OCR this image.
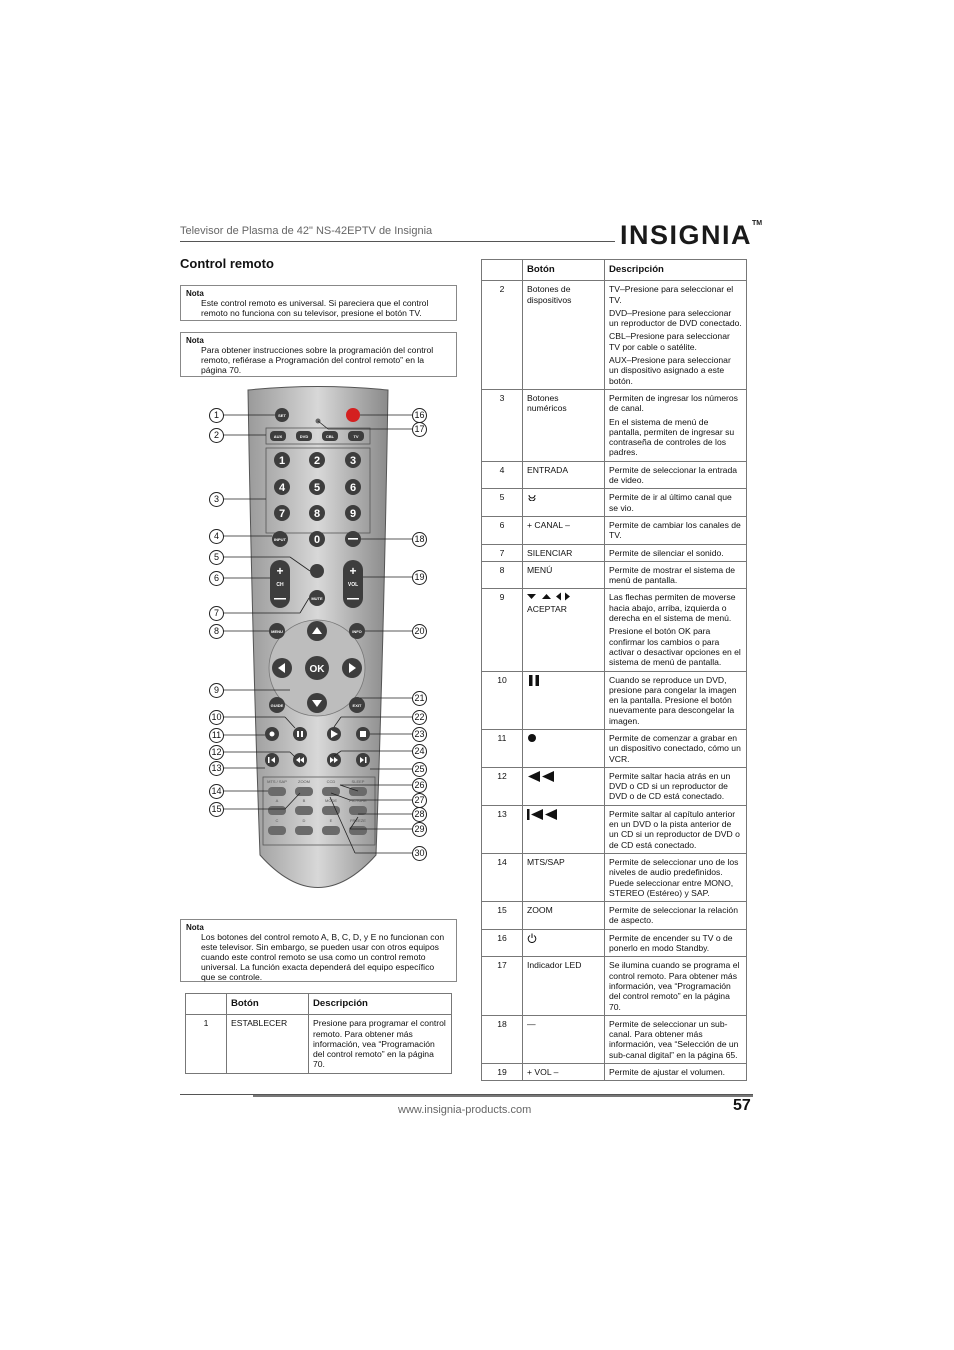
Televisor de Plasma de 42" NS-42EPTV de Insignia	INSIGNIA™
Control remoto
Nota
Este control remoto es universal. Si pareciera que el control remoto no funciona con su televisor, presione el botón TV.
Nota
Para obtener instrucciones sobre la programación del control remoto, refiérase a Programación del control remoto” en la página 70.
SET
AUX	DVD	CBL	TV
1	2	3
4	5	6
7	8	9
INPUT	0
+
CH
+
VOL
MUTE
MENU	INFO
OK
GUIDE	EXIT
MTS / SAP	ZOOM	CCD	SLEEP
A	B	MODE	PICTURE
C	D	E	FREEZE
1
2
3
4
5
6
7
8
9
10
11
12
13
14
15
16
17
18
19
20
21
22
23
24
25
26
27
28
29
30
Nota
Los botones del control remoto A, B, C, D, y E no funcionan con este televisor. Sin embargo, se pueden usar con otros equipos cuando este control remoto se usa como un control remoto universal. La función exacta dependerá del equipo específico que se controle.
	Botón	Descripción
1	ESTABLECER	Presione para programar el control remoto. Para obtener más información, vea “Programación del control remoto” en la página 70.

	Botón	Descripción
2	Botones de dispositivos	TV–Presione para seleccionar el TV.

DVD–Presione para seleccionar un reproductor de DVD conectado.

CBL–Presione para seleccionar TV por cable o satélite.

AUX–Presione para seleccionar un dispositivo asignado a este botón.

3	Botones numéricos	Permiten de ingresar los números de canal.

En el sistema de menú de pantalla, permiten de ingresar su contraseña de controles de los padres.

4	ENTRADA	Permite de seleccionar la entrada de video.

5		Permite de ir al último canal que se vio.

6	+ CANAL –	Permite de cambiar los canales de TV.

7	SILENCIAR	Permite de silenciar el sonido.

8	MENÚ	Permite de mostrar el sistema de menú de pantalla.

9	ACEPTAR	Las flechas permiten de moverse hacia abajo, arriba, izquierda o derecha en el sistema de menú.

Presione el botón OK para confirmar los cambios o para activar o desactivar opciones en el sistema de menú de pantalla.

10		Cuando se reproduce un DVD, presione para congelar la imagen en la pantalla. Presione el botón nuevamente para descongelar la imagen.

11		Permite de comenzar a grabar en un dispositivo conectado, cómo un VCR.

12		Permite saltar hacia atrás en un DVD o CD si un reproductor de DVD o de CD está conectado.

13		Permite saltar al capítulo anterior en un DVD o la pista anterior de un CD si un reproductor de DVD o de CD está conectado.

14	MTS/SAP	Permite de seleccionar uno de los niveles de audio predefinidos. Puede seleccionar entre MONO, STEREO (Estéreo) y SAP.

15	ZOOM	Permite de seleccionar la relación de aspecto.

16		Permite de encender su TV o de ponerlo en modo Standby.

17	Indicador LED	Se ilumina cuando se programa el control remoto. Para obtener más información, vea “Programación del control remoto” en la página 70.

18	—	Permite de seleccionar un sub-canal. Para obtener más información, vea “Selección de un sub-canal digital” en la página 65.

19	+ VOL –	Permite de ajustar el volumen.

www.insignia-products.com	57
